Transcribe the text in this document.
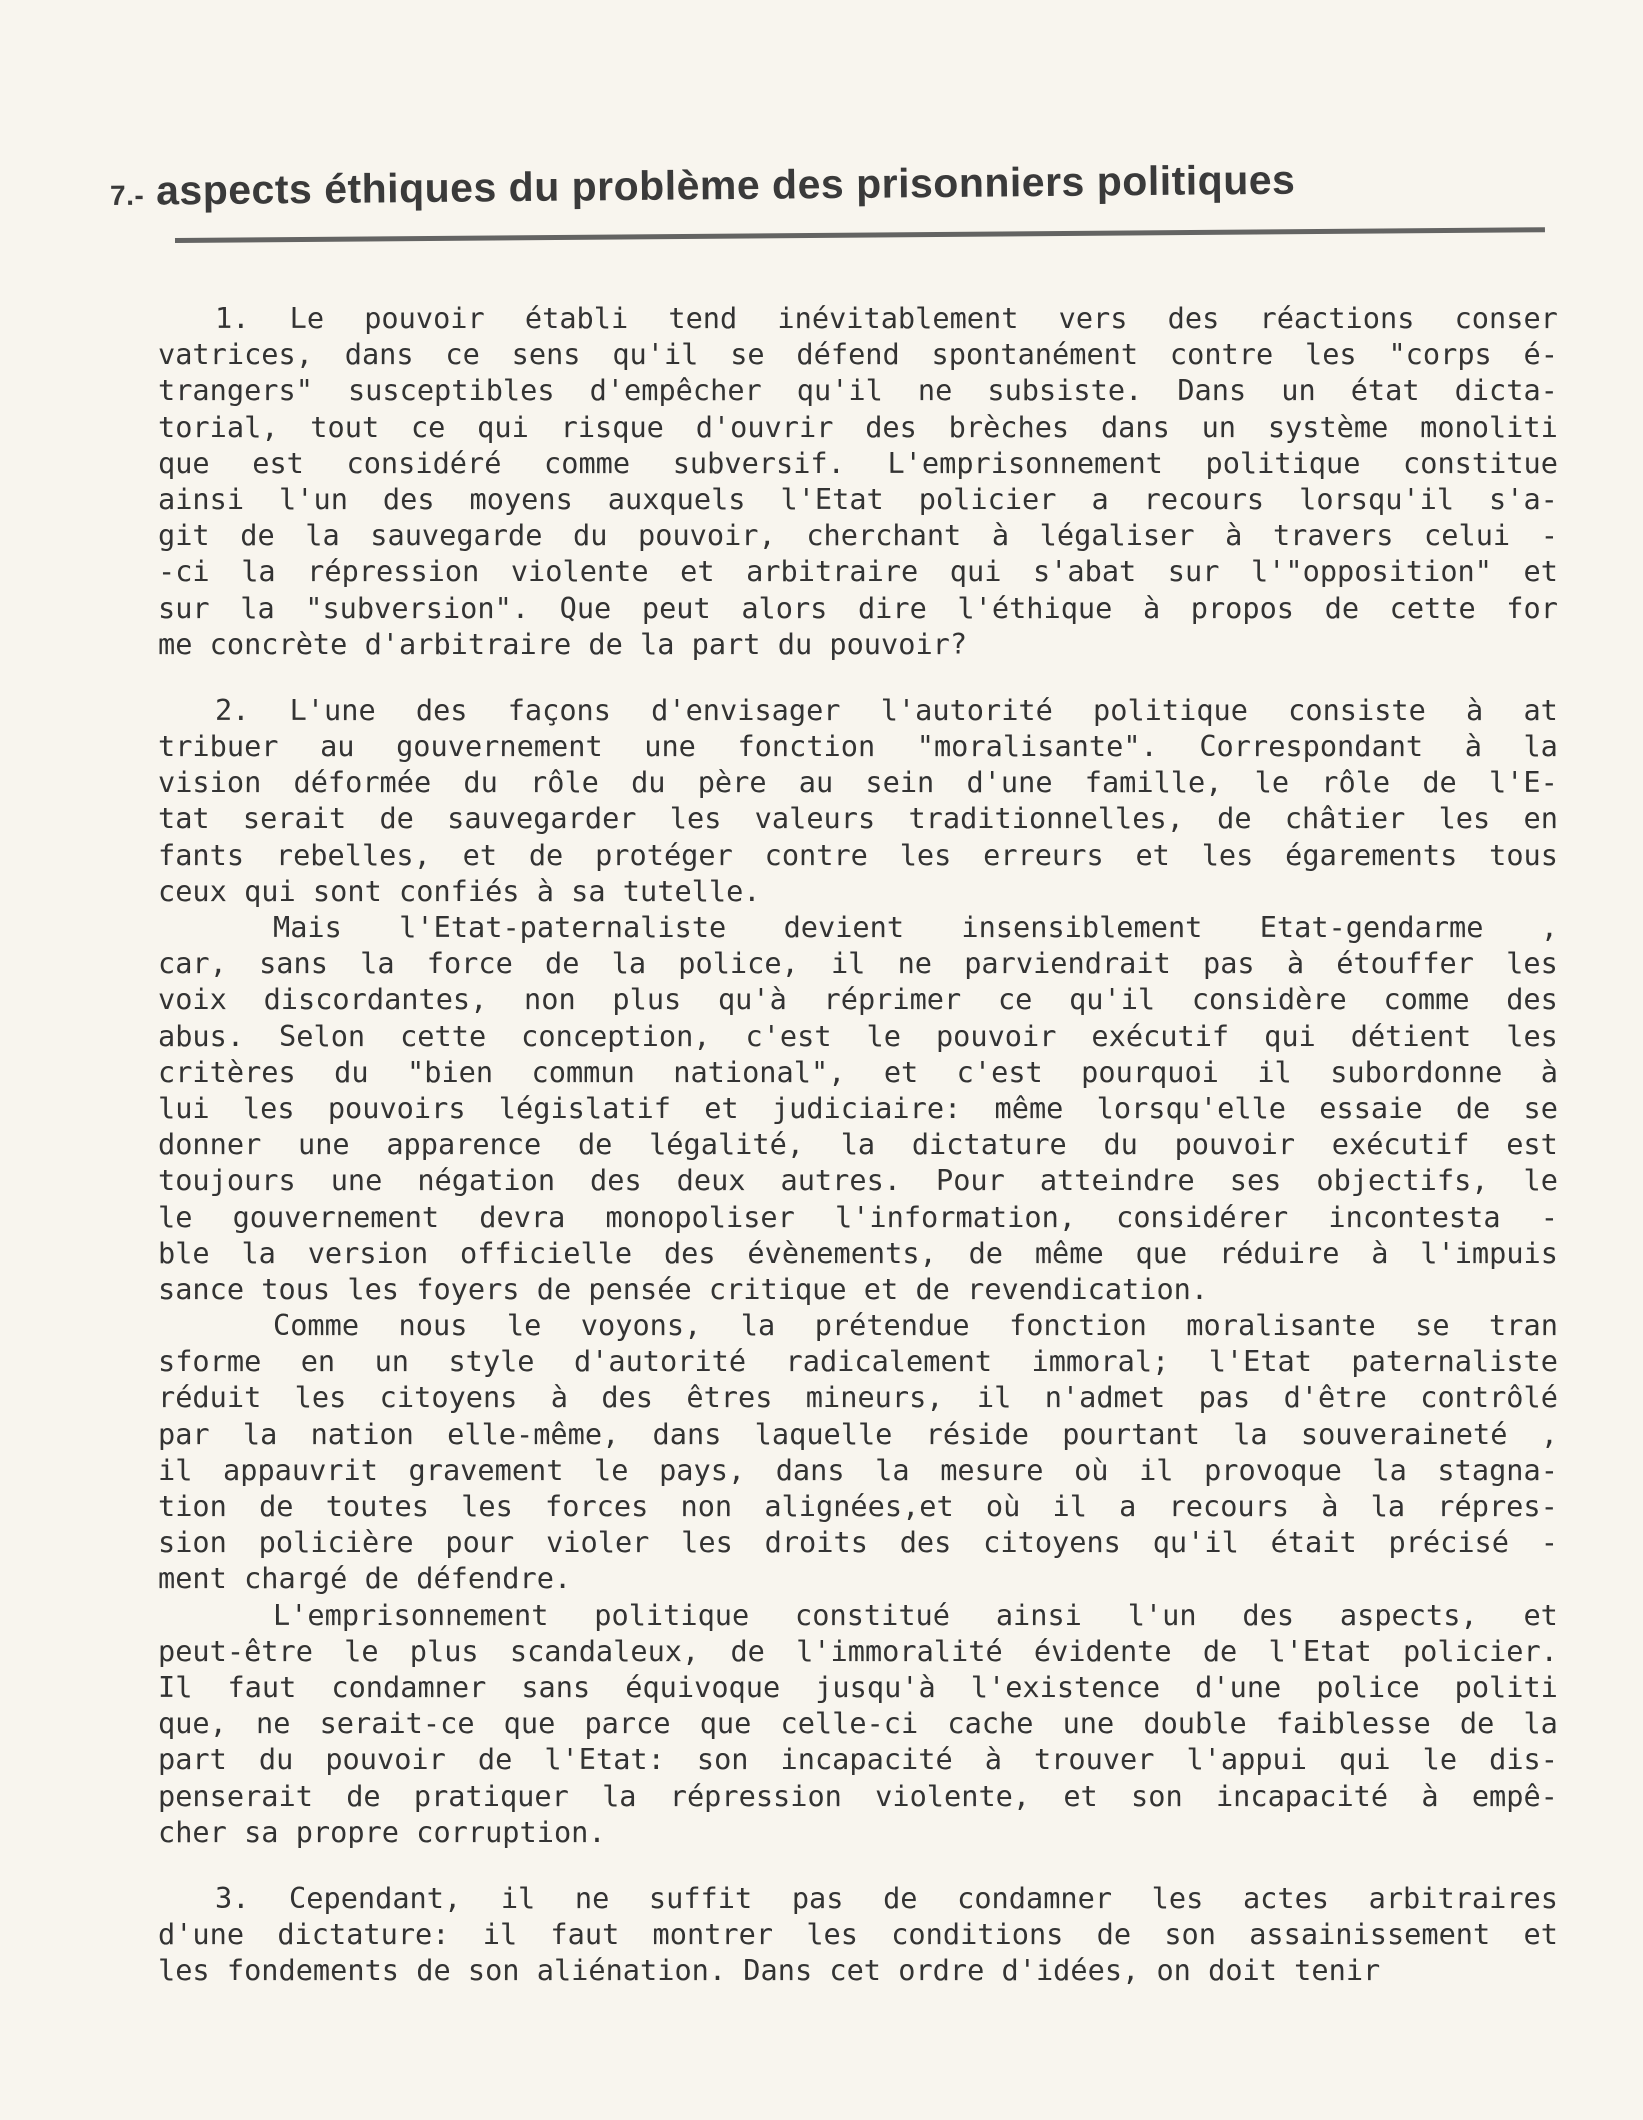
7.- aspects éthiques du problème des prisonniers politiques
1. Le pouvoir établi tend inévitablement vers des réactions conser
vatrices, dans ce sens qu'il se défend spontanément contre les "corps é-
trangers" susceptibles d'empêcher qu'il ne subsiste. Dans un état dicta-
torial, tout ce qui risque d'ouvrir des brèches dans un système monoliti
que est considéré comme subversif. L'emprisonnement politique constitue
ainsi l'un des moyens auxquels l'Etat policier a recours lorsqu'il s'a-
git de la sauvegarde du pouvoir, cherchant à légaliser à travers celui -
-ci la répression violente et arbitraire qui s'abat sur l'"opposition" et
sur la "subversion". Que peut alors dire l'éthique à propos de cette for
me concrète d'arbitraire de la part du pouvoir?
2. L'une des façons d'envisager l'autorité politique consiste à at
tribuer au gouvernement une fonction "moralisante". Correspondant à la
vision déformée du rôle du père au sein d'une famille, le rôle de l'E-
tat serait de sauvegarder les valeurs traditionnelles, de châtier les en
fants rebelles, et de protéger contre les erreurs et les égarements tous
ceux qui sont confiés à sa tutelle.
Mais l'Etat-paternaliste devient insensiblement Etat-gendarme ,
car, sans la force de la police, il ne parviendrait pas à étouffer les
voix discordantes, non plus qu'à réprimer ce qu'il considère comme des
abus. Selon cette conception, c'est le pouvoir exécutif qui détient les
critères du "bien commun national", et c'est pourquoi il subordonne à
lui les pouvoirs législatif et judiciaire: même lorsqu'elle essaie de se
donner une apparence de légalité, la dictature du pouvoir exécutif est
toujours une négation des deux autres. Pour atteindre ses objectifs, le
le gouvernement devra monopoliser l'information, considérer incontesta -
ble la version officielle des évènements, de même que réduire à l'impuis
sance tous les foyers de pensée critique et de revendication.
Comme nous le voyons, la prétendue fonction moralisante se tran
sforme en un style d'autorité radicalement immoral; l'Etat paternaliste
réduit les citoyens à des êtres mineurs, il n'admet pas d'être contrôlé
par la nation elle-même, dans laquelle réside pourtant la souveraineté ,
il appauvrit gravement le pays, dans la mesure où il provoque la stagna-
tion de toutes les forces non alignées,et où il a recours à la répres-
sion policière pour violer les droits des citoyens qu'il était précisé -
ment chargé de défendre.
L'emprisonnement politique constitué ainsi l'un des aspects, et
peut-être le plus scandaleux, de l'immoralité évidente de l'Etat policier.
Il faut condamner sans équivoque jusqu'à l'existence d'une police politi
que, ne serait-ce que parce que celle-ci cache une double faiblesse de la
part du pouvoir de l'Etat: son incapacité à trouver l'appui qui le dis-
penserait de pratiquer la répression violente, et son incapacité à empê-
cher sa propre corruption.
3. Cependant, il ne suffit pas de condamner les actes arbitraires
d'une dictature: il faut montrer les conditions de son assainissement et
les fondements de son aliénation. Dans cet ordre d'idées, on doit tenir
